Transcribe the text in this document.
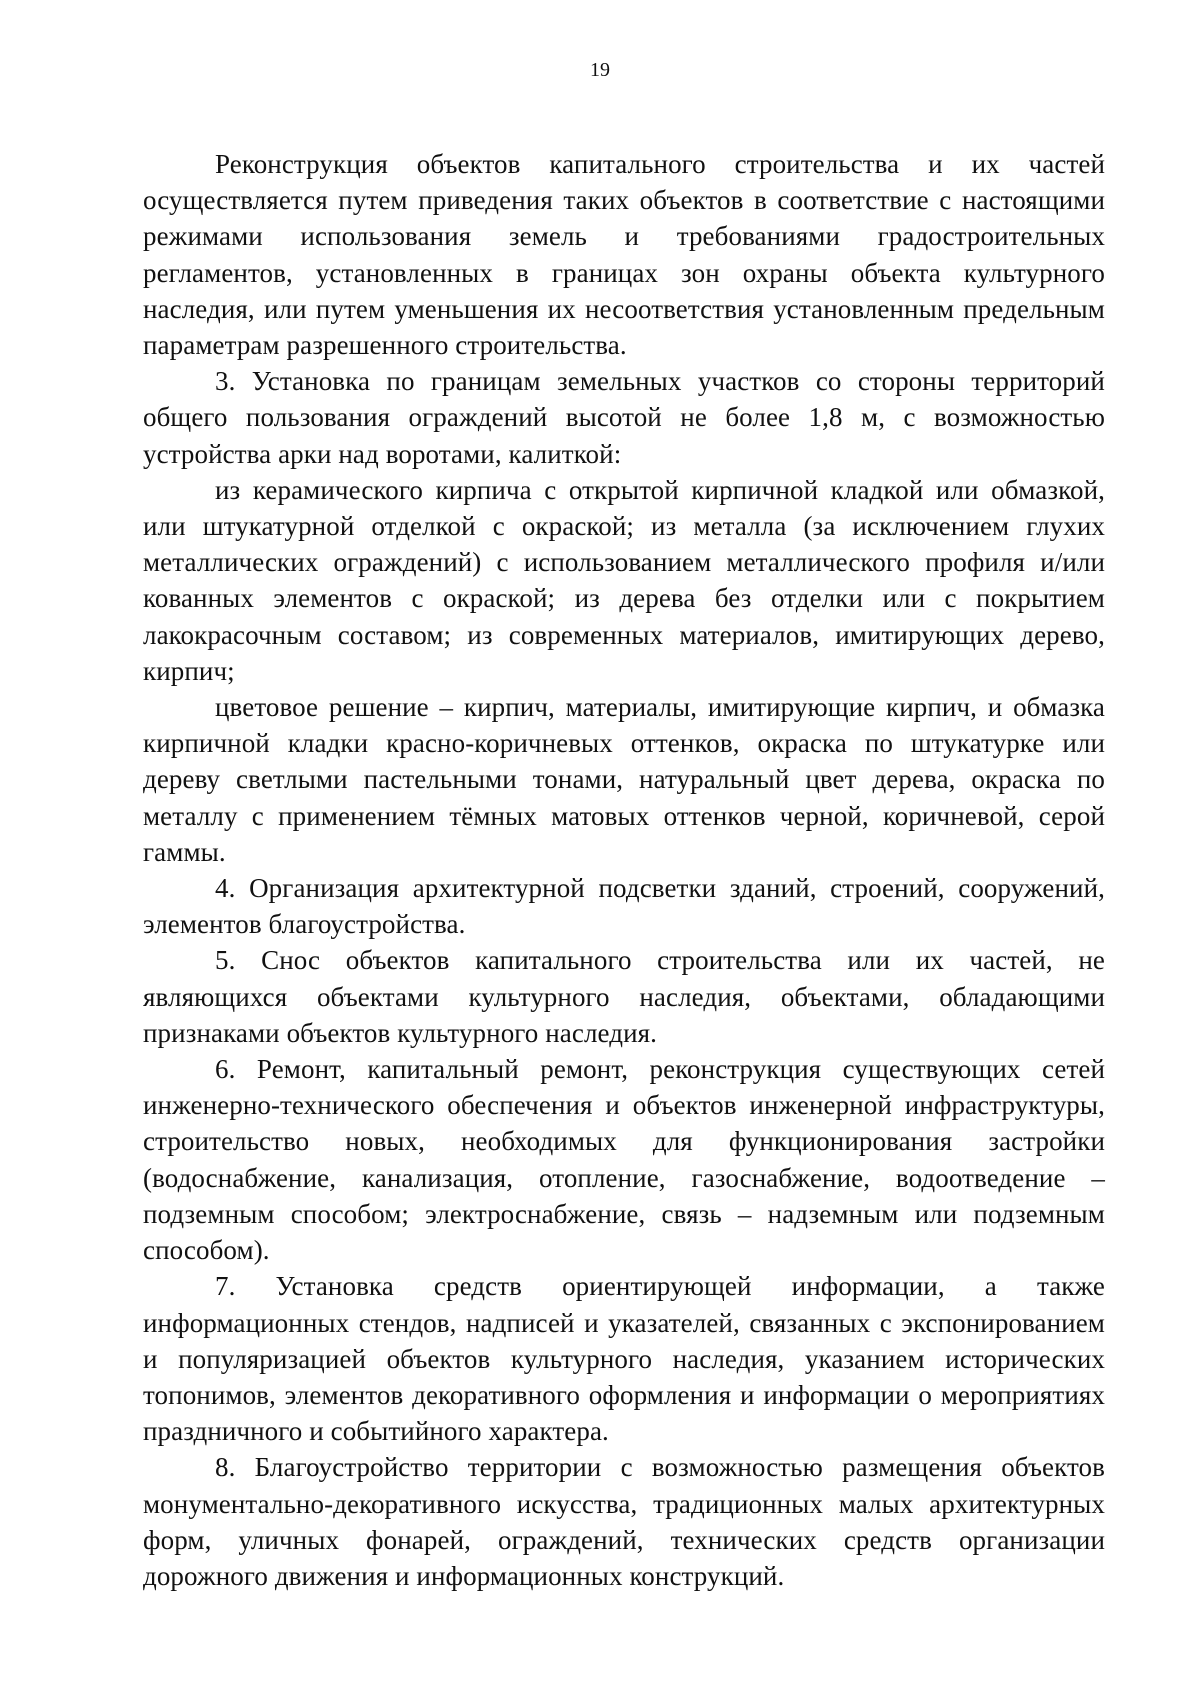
19

Реконструкция объектов капитального строительства и их частей осуществляется путем приведения таких объектов в соответствие с настоящими режимами использования земель и требованиями градостроительных регламентов, установленных в границах зон охраны объекта культурного наследия, или путем уменьшения их несоответствия установленным предельным параметрам разрешенного строительства.

3. Установка по границам земельных участков со стороны территорий общего пользования ограждений высотой не более 1,8 м, с возможностью устройства арки над воротами, калиткой:

из керамического кирпича с открытой кирпичной кладкой или обмазкой, или штукатурной отделкой с окраской; из металла (за исключением глухих металлических ограждений) с использованием металлического профиля и/или кованных элементов с окраской; из дерева без отделки или с покрытием лакокрасочным составом; из современных материалов, имитирующих дерево, кирпич;

цветовое решение – кирпич, материалы, имитирующие кирпич, и обмазка кирпичной кладки красно-коричневых оттенков, окраска по штукатурке или дереву светлыми пастельными тонами, натуральный цвет дерева, окраска по металлу с применением тёмных матовых оттенков черной, коричневой, серой гаммы.

4. Организация архитектурной подсветки зданий, строений, сооружений, элементов благоустройства.

5. Снос объектов капитального строительства или их частей, не являющихся объектами культурного наследия, объектами, обладающими признаками объектов культурного наследия.

6. Ремонт, капитальный ремонт, реконструкция существующих сетей инженерно-технического обеспечения и объектов инженерной инфраструктуры, строительство новых, необходимых для функционирования застройки (водоснабжение, канализация, отопление, газоснабжение, водоотведение – подземным способом; электроснабжение, связь – надземным или подземным способом).

7. Установка средств ориентирующей информации, а также информационных стендов, надписей и указателей, связанных с экспонированием и популяризацией объектов культурного наследия, указанием исторических топонимов, элементов декоративного оформления и информации о мероприятиях праздничного и событийного характера.

8. Благоустройство территории с возможностью размещения объектов монументально-декоративного искусства, традиционных малых архитектурных форм, уличных фонарей, ограждений, технических средств организации дорожного движения и информационных конструкций.
